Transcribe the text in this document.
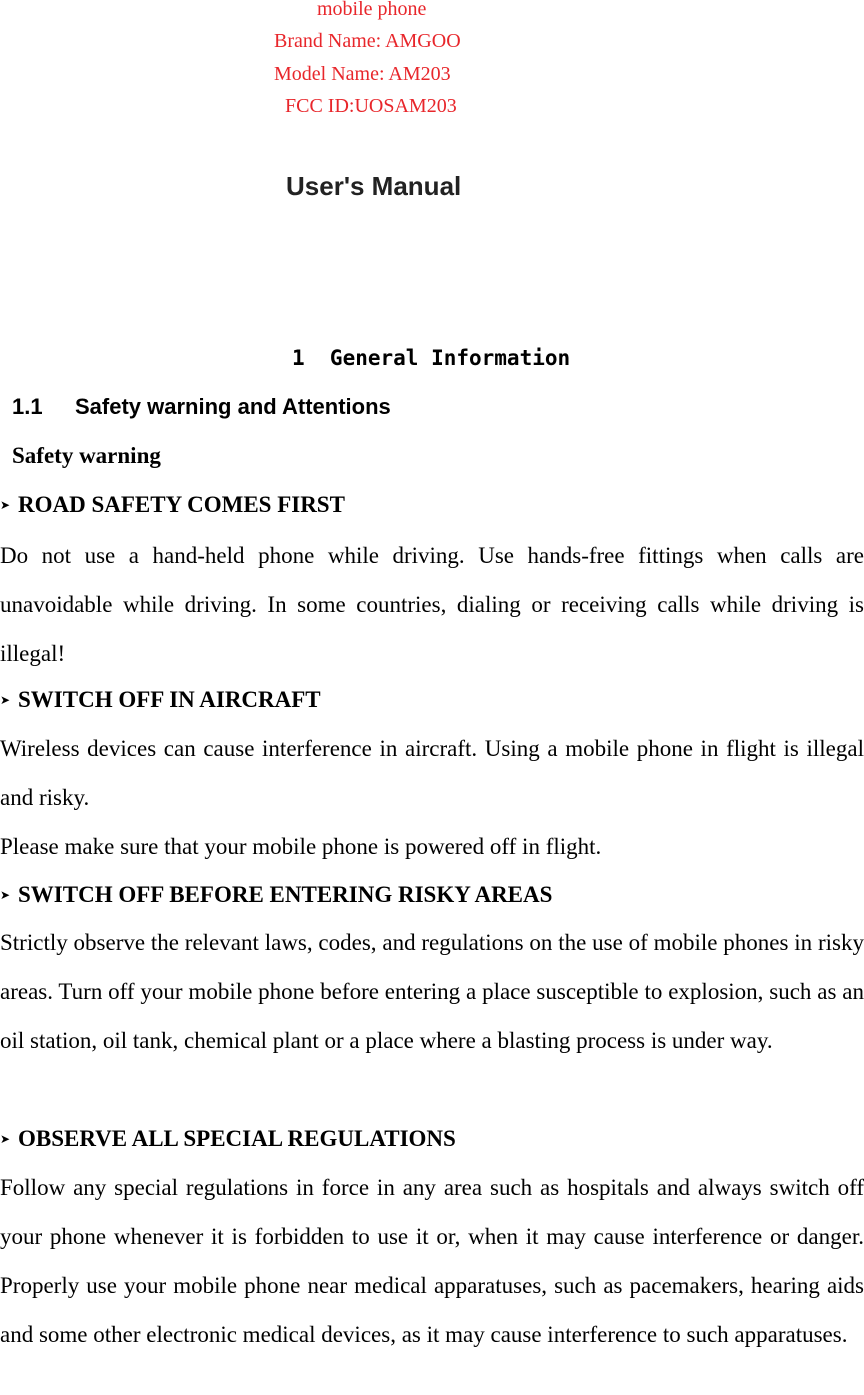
mobile phone
Brand Name: AMGOO
Model Name: AM203
FCC ID:UOSAM203
User's Manual
1  General Information
1.1 Safety warning and Attentions
Safety warning
➤ ROAD SAFETY COMES FIRST

Do not use a hand-held phone while driving. Use hands-free fittings when calls are unavoidable while driving. In some countries, dialing or receiving calls while driving is illegal!

➤ SWITCH OFF IN AIRCRAFT

Wireless devices can cause interference in aircraft. Using a mobile phone in flight is illegal and risky.

Please make sure that your mobile phone is powered off in flight.
➤ SWITCH OFF BEFORE ENTERING RISKY AREAS

Strictly observe the relevant laws, codes, and regulations on the use of mobile phones in risky areas. Turn off your mobile phone before entering a place susceptible to explosion, such as an oil station, oil tank, chemical plant or a place where a blasting process is under way.

➤ OBSERVE ALL SPECIAL REGULATIONS

Follow any special regulations in force in any area such as hospitals and always switch off your phone whenever it is forbidden to use it or, when it may cause interference or danger. Properly use your mobile phone near medical apparatuses, such as pacemakers, hearing aids and some other electronic medical devices, as it may cause interference to such apparatuses.
